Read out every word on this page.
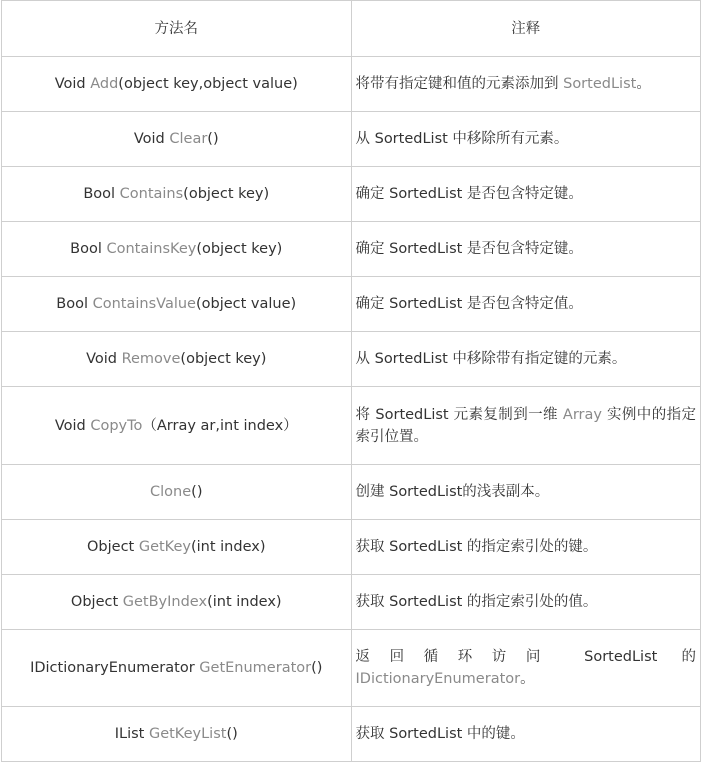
方法名	注释
Void Add(object key,object value)	将带有指定键和值的元素添加到 SortedList。
Void Clear()	从 SortedList 中移除所有元素。
Bool Contains(object key)	确定 SortedList 是否包含特定键。
Bool ContainsKey(object key)	确定 SortedList 是否包含特定键。
Bool ContainsValue(object value)	确定 SortedList 是否包含特定值。
Void Remove(object key)	从 SortedList 中移除带有指定键的元素。
Void CopyTo（Array ar,int index）	将 SortedList 元素复制到一维 Array 实例中的指定索引位置。
Clone()	创建 SortedList的浅表副本。
Object GetKey(int index)	获取 SortedList 的指定索引处的键。
Object GetByIndex(int index)	获取 SortedList 的指定索引处的值。
IDictionaryEnumerator GetEnumerator()	返回循环访问 SortedList 的 IDictionaryEnumerator。
IList GetKeyList()	获取 SortedList 中的键。
